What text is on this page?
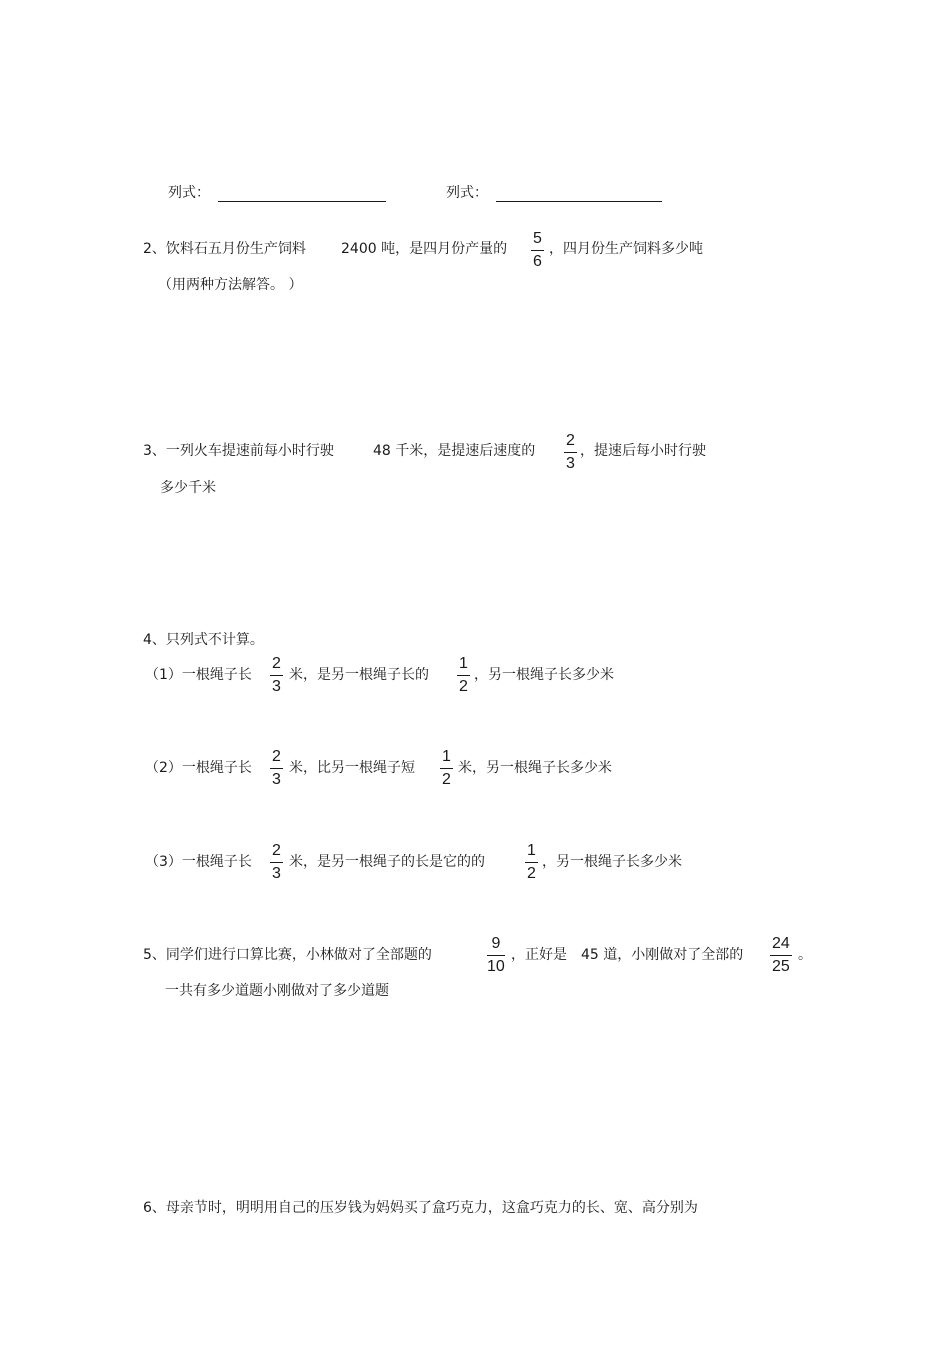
列式：	列式：
2、饮料石五月份生产饲料	2400 吨，是四月份产量的
5
6
，四月份生产饲料多少吨
（用两种方法解答。 ）
3、一列火车提速前每小时行驶	48 千米，是提速后速度的
2
3
，提速后每小时行驶
多少千米
4、只列式不计算。
（1）一根绳子长
2
3
米，是另一根绳子长的
1
2
，另一根绳子长多少米
（2）一根绳子长
2
3
米，比另一根绳子短
1
2
米，另一根绳子长多少米
（3）一根绳子长
2
3
米，是另一根绳子的长是它的的
1
2
，另一根绳子长多少米
5、同学们进行口算比赛，小林做对了全部题的
9
10
，正好是 45 道，小刚做对了全部的
24
25
。
一共有多少道题小刚做对了多少道题
6、母亲节时，明明用自己的压岁钱为妈妈买了盒巧克力，这盒巧克力的长、宽、高分别为
